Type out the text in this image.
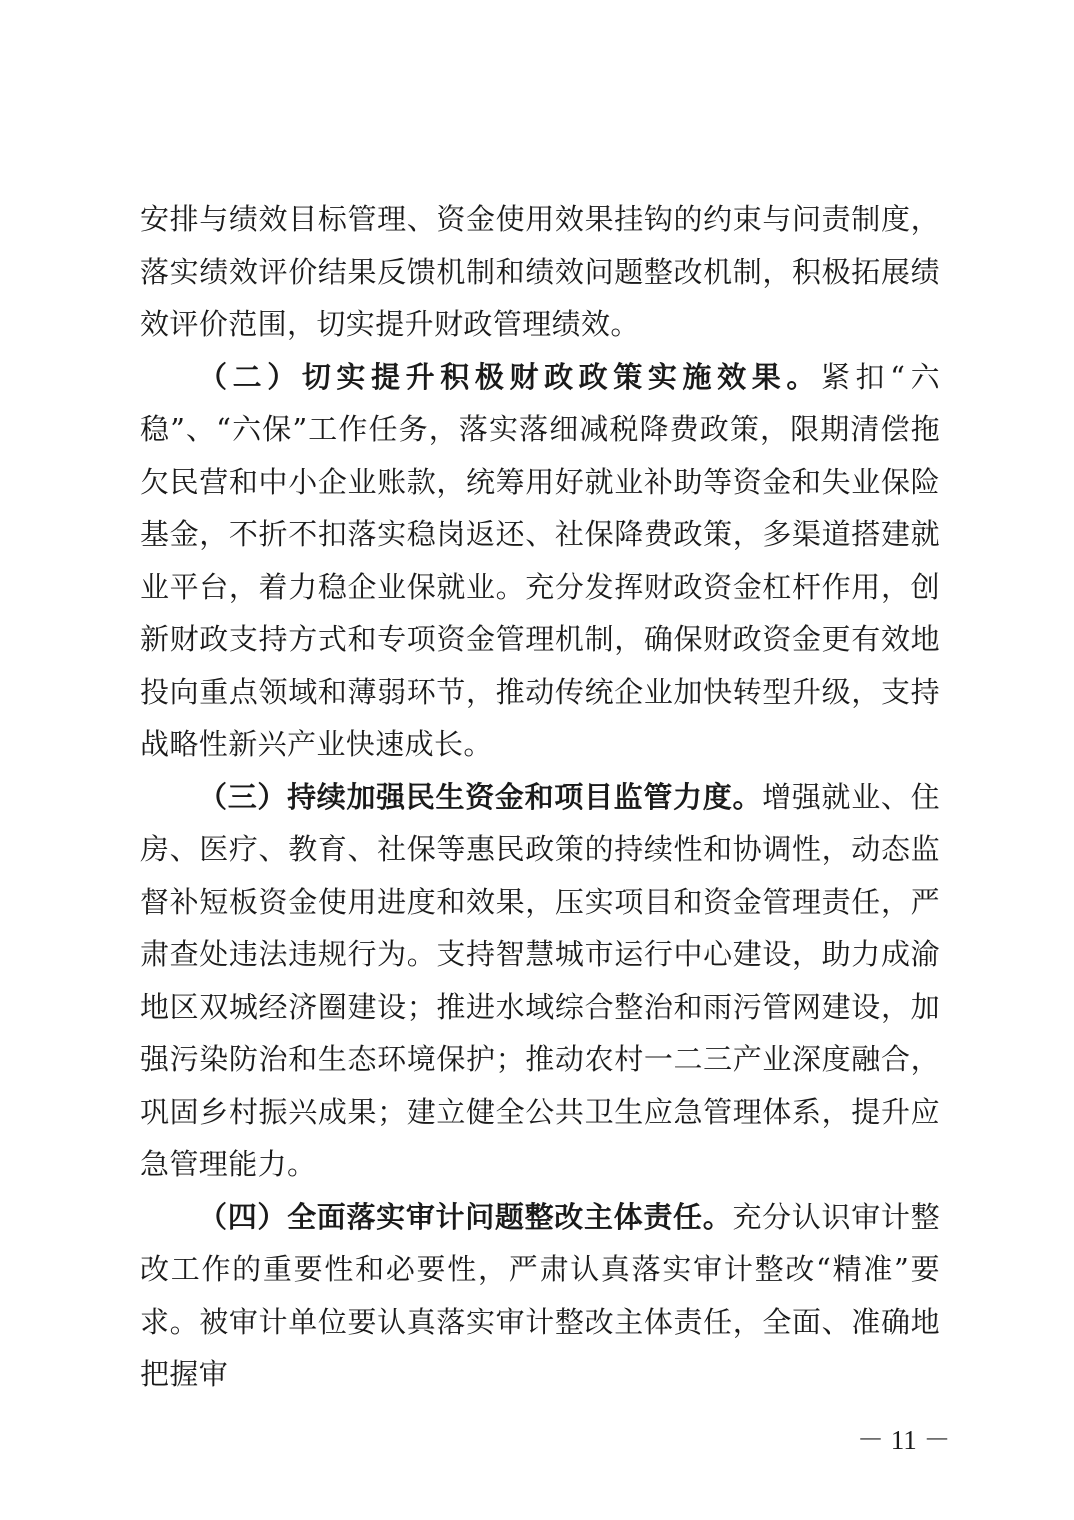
安排与绩效目标管理、资金使用效果挂钩的约束与问责制度，落实绩效评价结果反馈机制和绩效问题整改机制，积极拓展绩效评价范围，切实提升财政管理绩效。

（二）切实提升积极财政政策实施效果。紧扣“六稳”、“六保”工作任务，落实落细减税降费政策，限期清偿拖欠民营和中小企业账款，统筹用好就业补助等资金和失业保险基金，不折不扣落实稳岗返还、社保降费政策，多渠道搭建就业平台，着力稳企业保就业。充分发挥财政资金杠杆作用，创新财政支持方式和专项资金管理机制，确保财政资金更有效地投向重点领域和薄弱环节，推动传统企业加快转型升级，支持战略性新兴产业快速成长。

（三）持续加强民生资金和项目监管力度。增强就业、住房、医疗、教育、社保等惠民政策的持续性和协调性，动态监督补短板资金使用进度和效果，压实项目和资金管理责任，严肃查处违法违规行为。支持智慧城市运行中心建设，助力成渝地区双城经济圈建设；推进水域综合整治和雨污管网建设，加强污染防治和生态环境保护；推动农村一二三产业深度融合，巩固乡村振兴成果；建立健全公共卫生应急管理体系，提升应急管理能力。

（四）全面落实审计问题整改主体责任。充分认识审计整改工作的重要性和必要性，严肃认真落实审计整改“精准”要求。被审计单位要认真落实审计整改主体责任，全面、准确地把握审

－ 11 －
